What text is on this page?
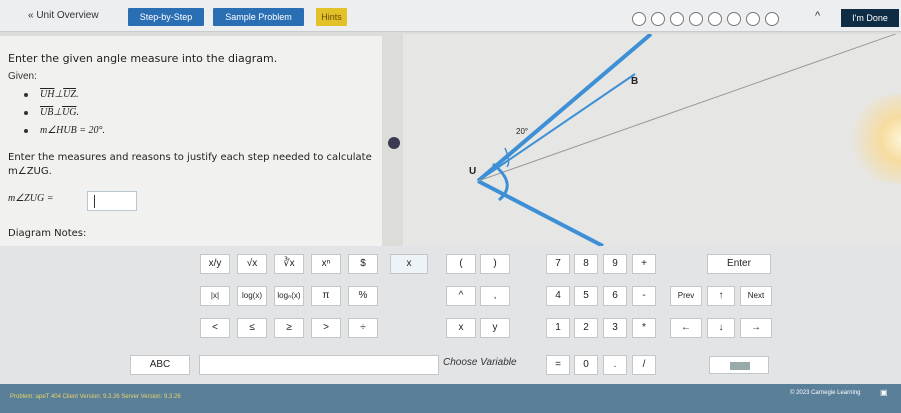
« Unit Overview	Step-by-Step	Sample Problem	Hints	^	I'm Done
Enter the given angle measure into the diagram.
Given:
$\overline{UH}\perp\overline{UZ}$.
$\overline{UB}\perp\overline{UG}$.
m∠HUB = 20°.
Enter the measures and reasons to justify each step needed to calculate m∠ZUG.
m∠ZUG =
Diagram Notes:
B
U
20°
x/y	√x	∛x	xⁿ	$	x	(	)	7	8	9	+	Enter
|x|	log(x)	logₙ(x)	π	%	^	,	4	5	6	-	Prev	↑	Next
<	≤	≥	>	÷	x	y	1	2	3	*	←	↓	→
ABC	Choose Variable	=	0	.	/
Problem: apeT 404 Client Version: 9.3.26 Server Version: 9.3.26
© 2023 Carnegie Learning ▣
